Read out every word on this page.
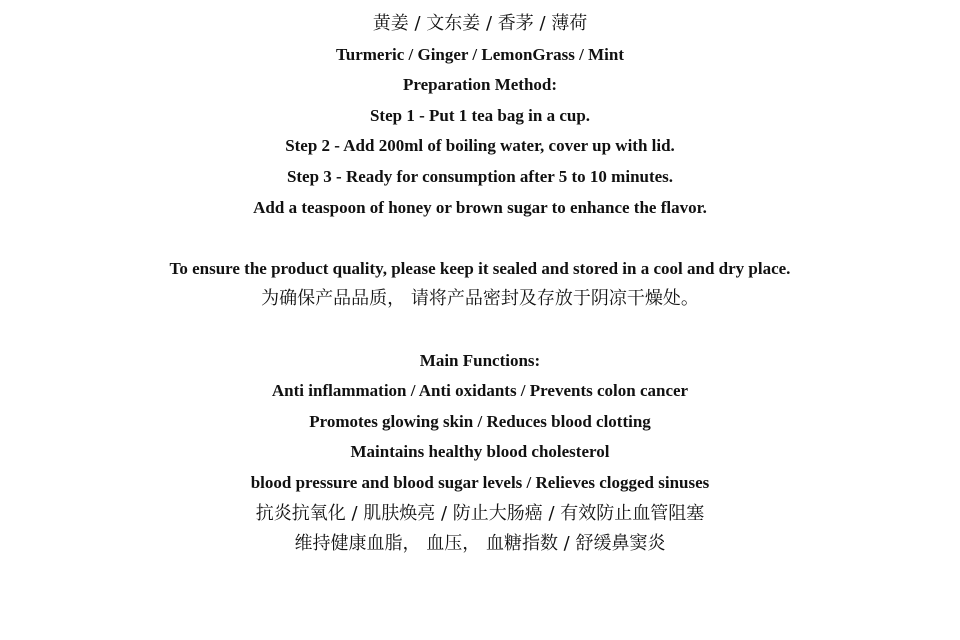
黄姜 / 文东姜 / 香茅 / 薄荷
Turmeric / Ginger / LemonGrass / Mint
Preparation Method:
Step 1 - Put 1 tea bag in a cup.
Step 2 - Add 200ml of boiling water, cover up with lid.
Step 3 - Ready for consumption after 5 to 10 minutes.
Add a teaspoon of honey or brown sugar to enhance the flavor.
To ensure the product quality, please keep it sealed and stored in a cool and dry place.
为确保产品品质， 请将产品密封及存放于阴凉干燥处。
Main Functions:
Anti inflammation / Anti oxidants / Prevents colon cancer
Promotes glowing skin / Reduces blood clotting
Maintains healthy blood cholesterol
blood pressure and blood sugar levels / Relieves clogged sinuses
抗炎抗氧化 / 肌肤焕亮 / 防止大肠癌 / 有效防止血管阻塞
维持健康血脂， 血压， 血糖指数 / 舒缓鼻窦炎
